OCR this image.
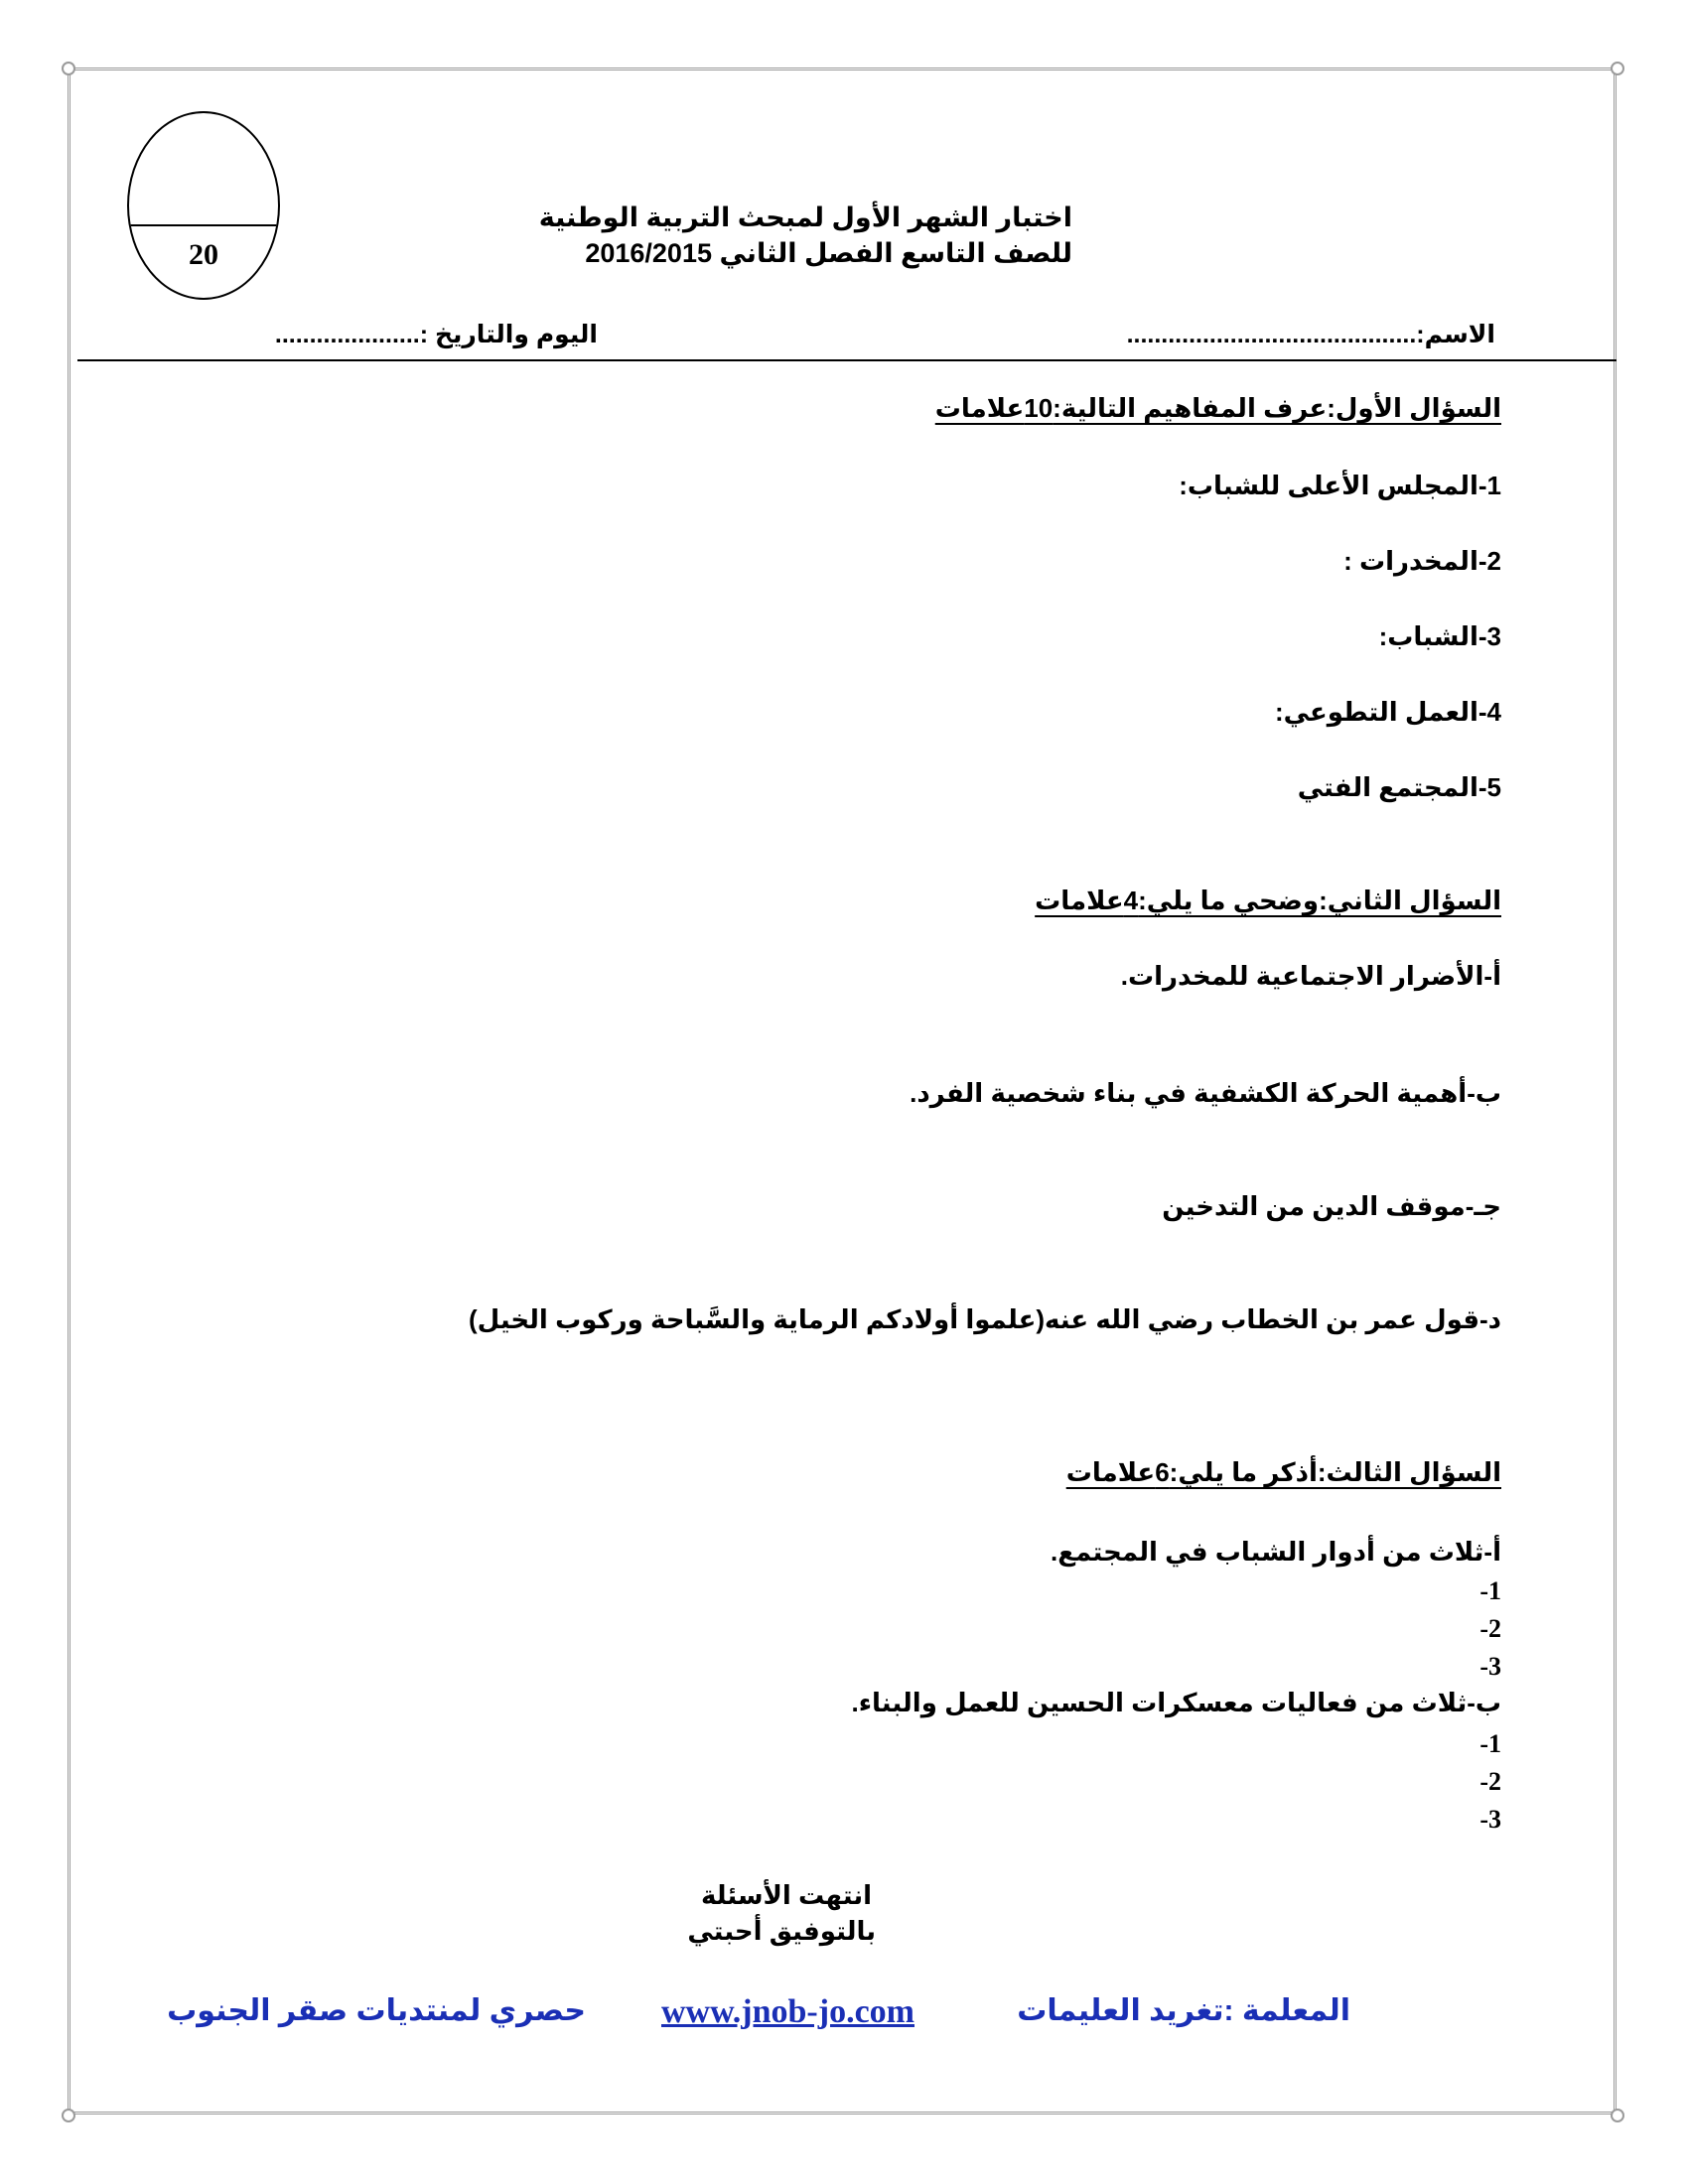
20
اختبار الشهر الأول لمبحث التربية الوطنية
للصف التاسع الفصل الثاني 2016/2015
الاسم:..........................................
اليوم والتاريخ :.....................
السؤال الأول:عرف المفاهيم التالية:10علامات
1-المجلس الأعلى للشباب:
2-المخدرات :
3-الشباب:
4-العمل التطوعي:
5-المجتمع الفتي
السؤال الثاني:وضحي ما يلي:4علامات
أ-الأضرار الاجتماعية للمخدرات.
ب-أهمية الحركة الكشفية في بناء شخصية الفرد.
جـ-موقف الدين من التدخين
د-قول عمر بن الخطاب رضي الله عنه(علموا أولادكم الرماية والسَّباحة وركوب الخيل)
السؤال الثالث:أذكر ما يلي:6علامات
أ-ثلاث من أدوار الشباب في المجتمع.
-1
-2
-3
ب-ثلاث من فعاليات معسكرات الحسين للعمل والبناء.
-1
-2
-3
انتهت الأسئلة
بالتوفيق أحبتي
المعلمة :تغريد العليمات
www.jnob-jo.com
حصري لمنتديات صقر الجنوب
